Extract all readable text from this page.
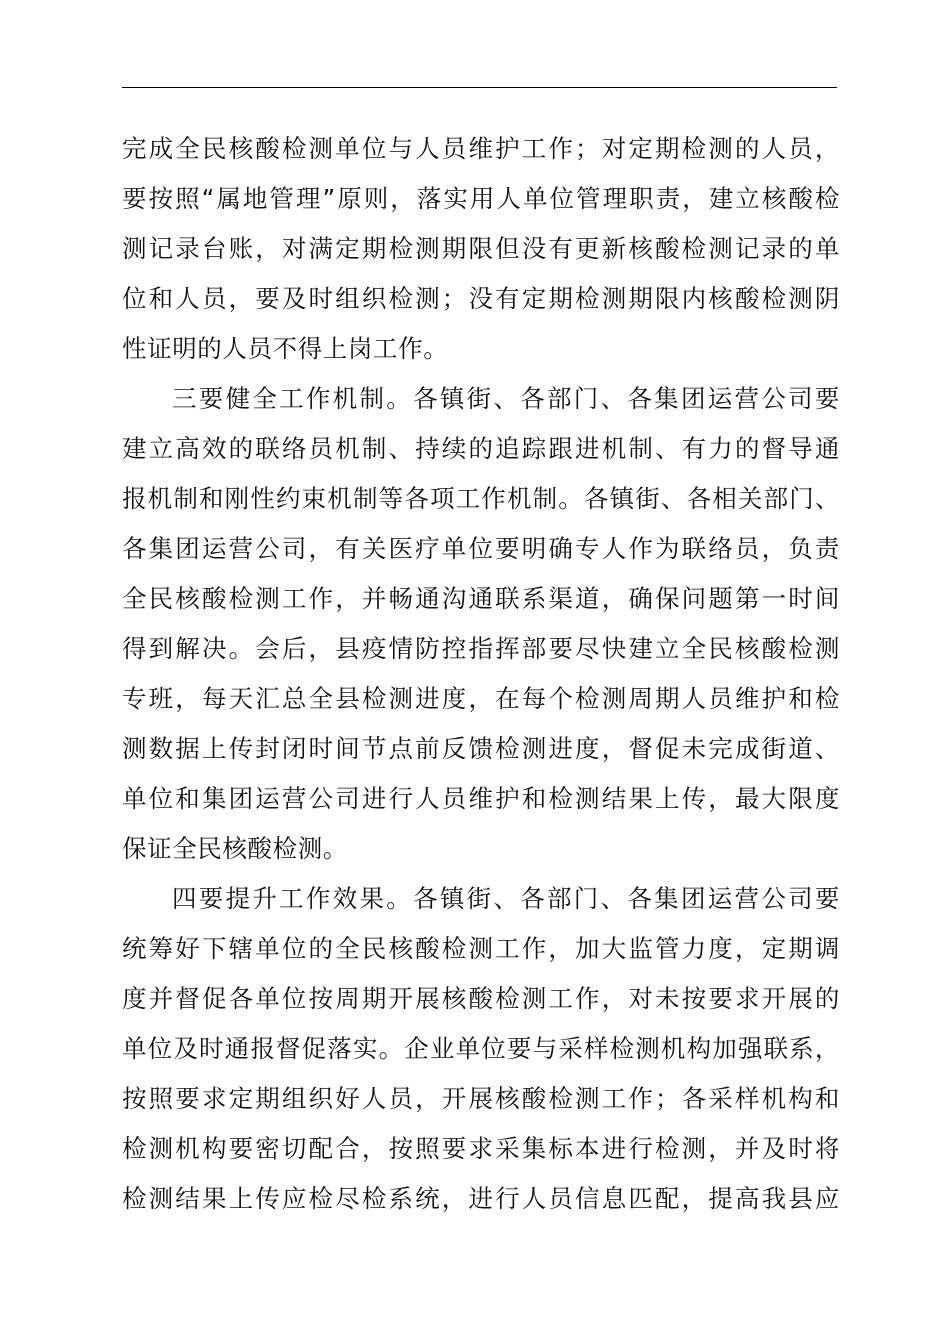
完成全民核酸检测单位与人员维护工作；对定期检测的人员，
要按照“属地管理”原则，落实用人单位管理职责，建立核酸检
测记录台账，对满定期检测期限但没有更新核酸检测记录的单
位和人员，要及时组织检测；没有定期检测期限内核酸检测阴
性证明的人员不得上岗工作。
三要健全工作机制。各镇街、各部门、各集团运营公司要
建立高效的联络员机制、持续的追踪跟进机制、有力的督导通
报机制和刚性约束机制等各项工作机制。各镇街、各相关部门、
各集团运营公司，有关医疗单位要明确专人作为联络员，负责
全民核酸检测工作，并畅通沟通联系渠道，确保问题第一时间
得到解决。会后，县疫情防控指挥部要尽快建立全民核酸检测
专班，每天汇总全县检测进度，在每个检测周期人员维护和检
测数据上传封闭时间节点前反馈检测进度，督促未完成街道、
单位和集团运营公司进行人员维护和检测结果上传，最大限度
保证全民核酸检测。
四要提升工作效果。各镇街、各部门、各集团运营公司要
统筹好下辖单位的全民核酸检测工作，加大监管力度，定期调
度并督促各单位按周期开展核酸检测工作，对未按要求开展的
单位及时通报督促落实。企业单位要与采样检测机构加强联系，
按照要求定期组织好人员，开展核酸检测工作；各采样机构和
检测机构要密切配合，按照要求采集标本进行检测，并及时将
检测结果上传应检尽检系统，进行人员信息匹配，提高我县应
